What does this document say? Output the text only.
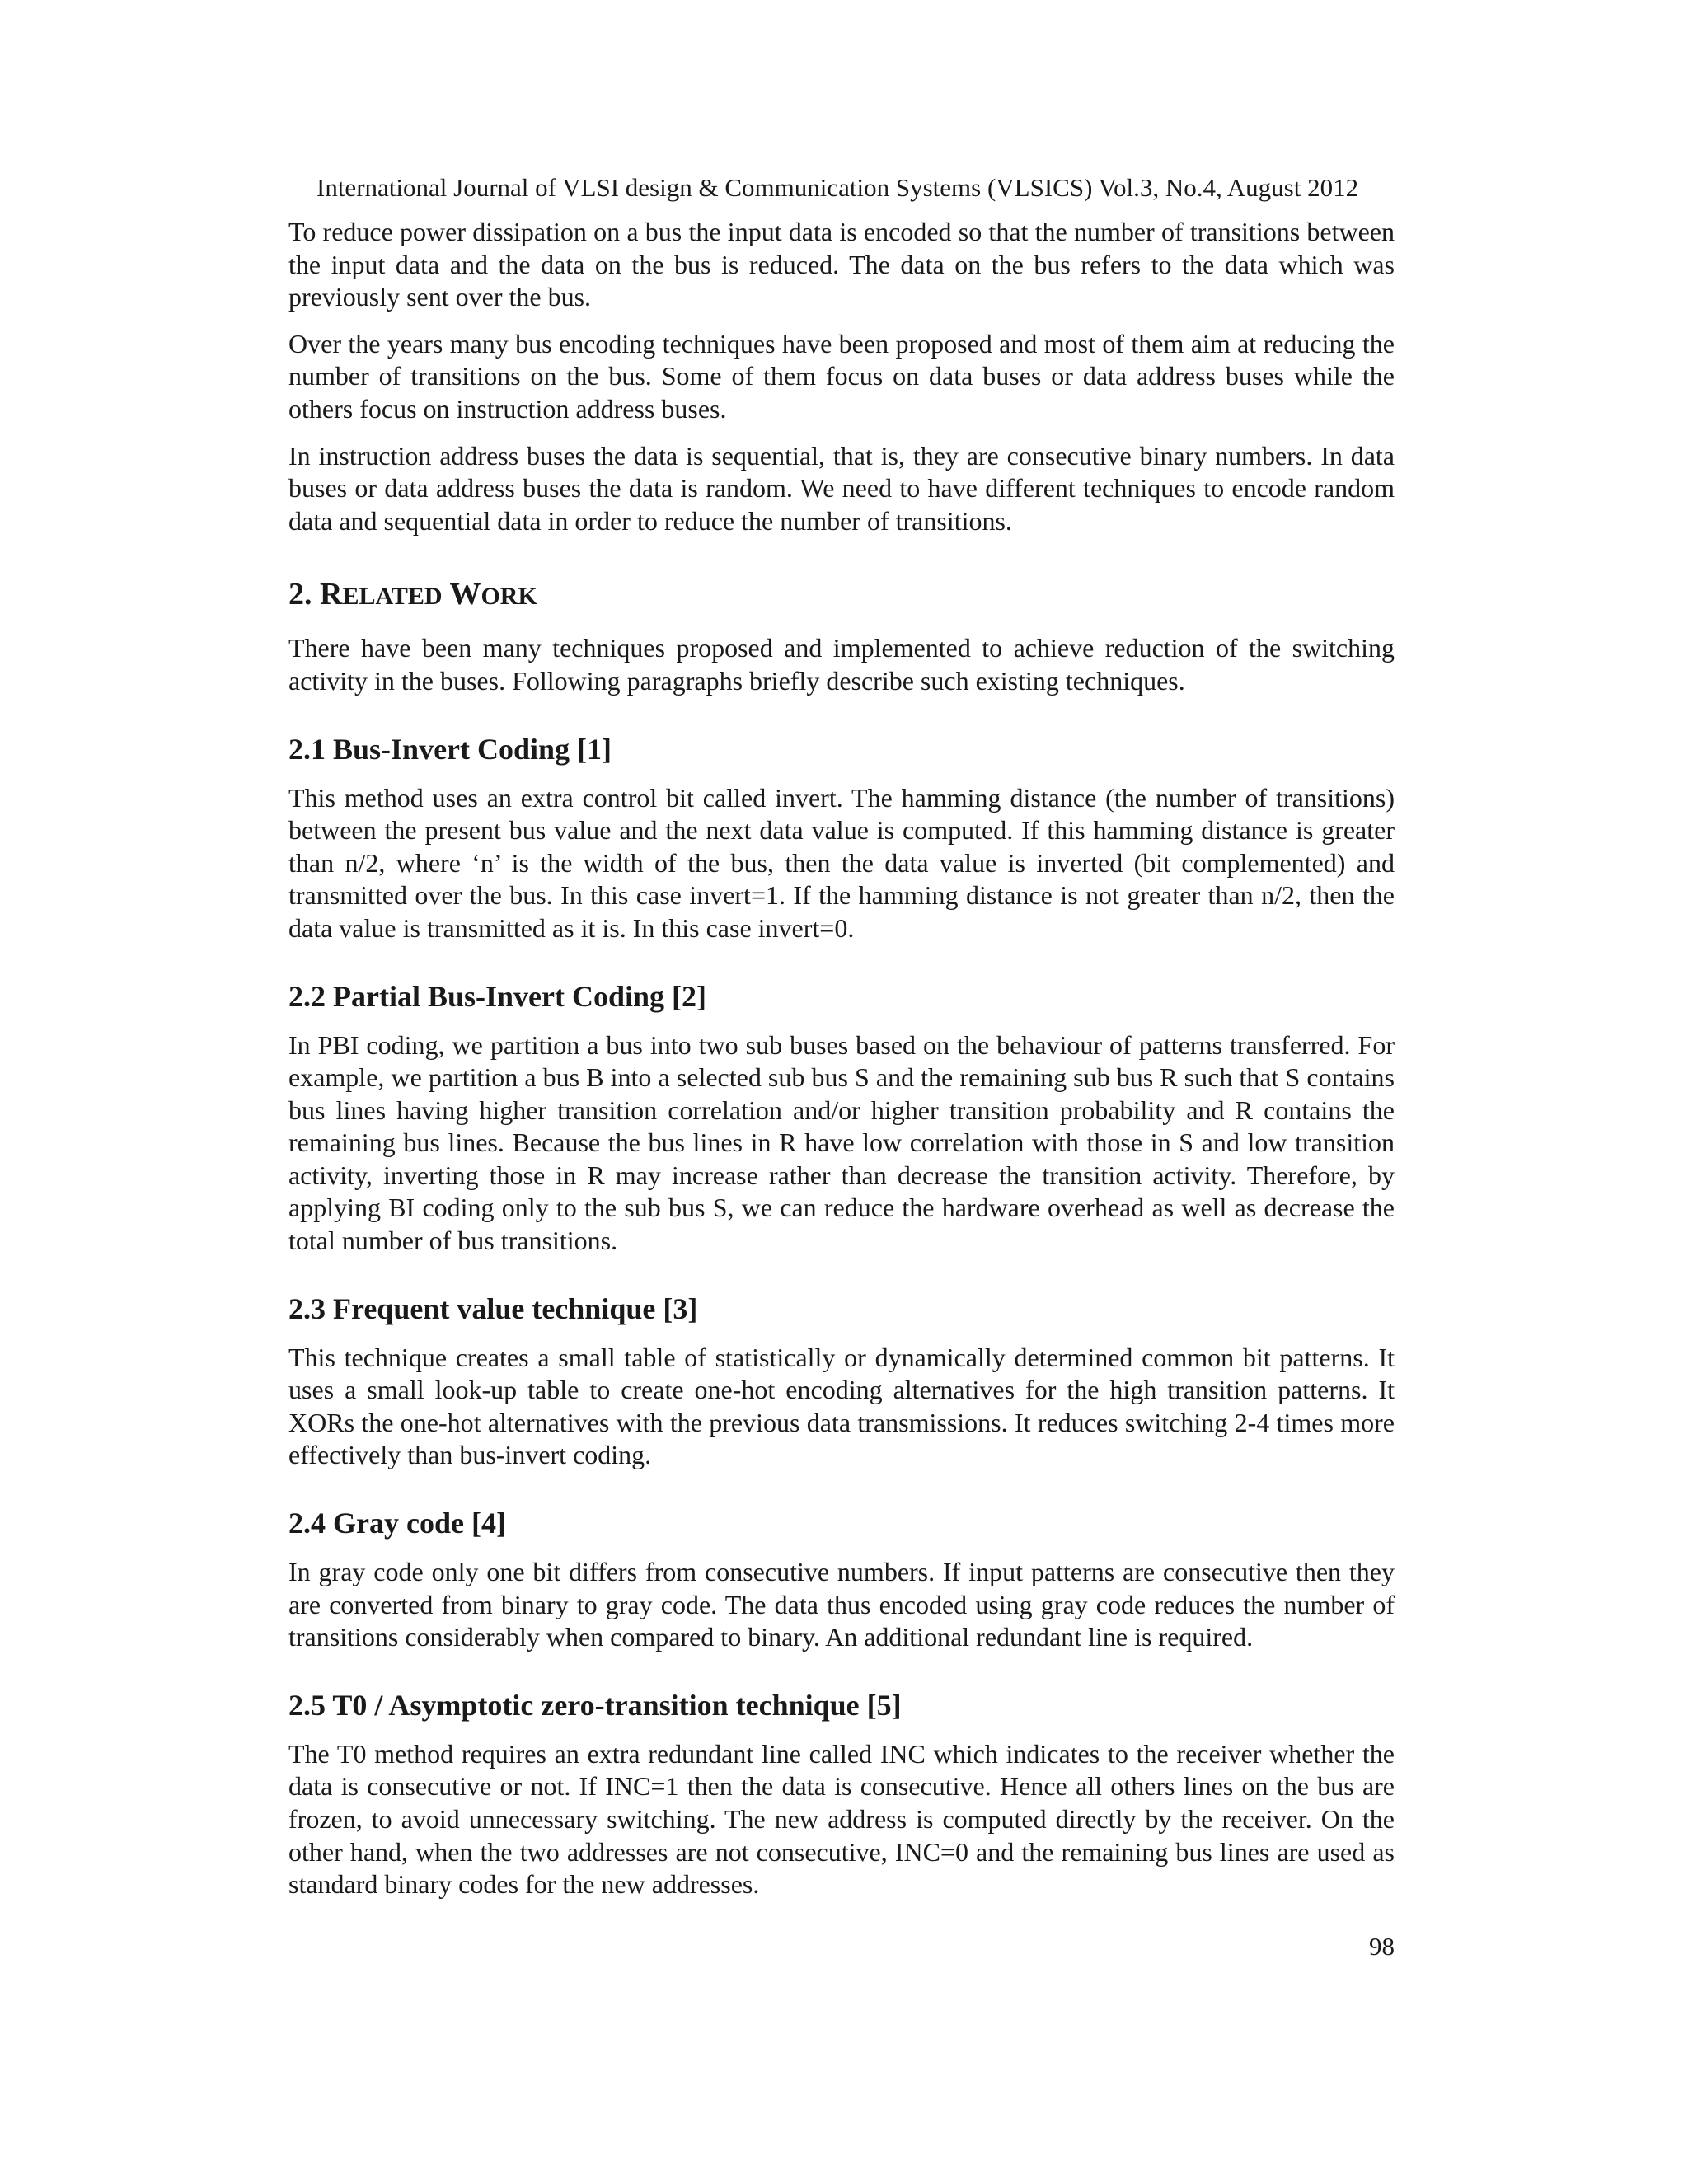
International Journal of VLSI design & Communication Systems (VLSICS) Vol.3, No.4, August 2012

To reduce power dissipation on a bus the input data is encoded so that the number of transitions between the input data and the data on the bus is reduced. The data on the bus refers to the data which was previously sent over the bus.

Over the years many bus encoding techniques have been proposed and most of them aim at reducing the number of transitions on the bus. Some of them focus on data buses or data address buses while the others focus on instruction address buses.

In instruction address buses the data is sequential, that is, they are consecutive binary numbers. In data buses or data address buses the data is random. We need to have different techniques to encode random data and sequential data in order to reduce the number of transitions.

2. RELATED WORK

There have been many techniques proposed and implemented to achieve reduction of the switching activity in the buses. Following paragraphs briefly describe such existing techniques.

2.1 Bus-Invert Coding [1]

This method uses an extra control bit called invert. The hamming distance (the number of transitions) between the present bus value and the next data value is computed. If this hamming distance is greater than n/2, where ‘n’ is the width of the bus, then the data value is inverted (bit complemented) and transmitted over the bus. In this case invert=1. If the hamming distance is not greater than n/2, then the data value is transmitted as it is. In this case invert=0.

2.2 Partial Bus-Invert Coding [2]

In PBI coding, we partition a bus into two sub buses based on the behaviour of patterns transferred. For example, we partition a bus B into a selected sub bus S and the remaining sub bus R such that S contains bus lines having higher transition correlation and/or higher transition probability and R contains the remaining bus lines. Because the bus lines in R have low correlation with those in S and low transition activity, inverting those in R may increase rather than decrease the transition activity. Therefore, by applying BI coding only to the sub bus S, we can reduce the hardware overhead as well as decrease the total number of bus transitions.

2.3 Frequent value technique [3]

This technique creates a small table of statistically or dynamically determined common bit patterns. It uses a small look-up table to create one-hot encoding alternatives for the high transition patterns. It XORs the one-hot alternatives with the previous data transmissions. It reduces switching 2-4 times more effectively than bus-invert coding.

2.4 Gray code [4]

In gray code only one bit differs from consecutive numbers. If input patterns are consecutive then they are converted from binary to gray code. The data thus encoded using gray code reduces the number of transitions considerably when compared to binary. An additional redundant line is required.

2.5 T0 / Asymptotic zero-transition technique [5]

The T0 method requires an extra redundant line called INC which indicates to the receiver whether the data is consecutive or not. If INC=1 then the data is consecutive. Hence all others lines on the bus are frozen, to avoid unnecessary switching. The new address is computed directly by the receiver. On the other hand, when the two addresses are not consecutive, INC=0 and the remaining bus lines are used as standard binary codes for the new addresses.

98
